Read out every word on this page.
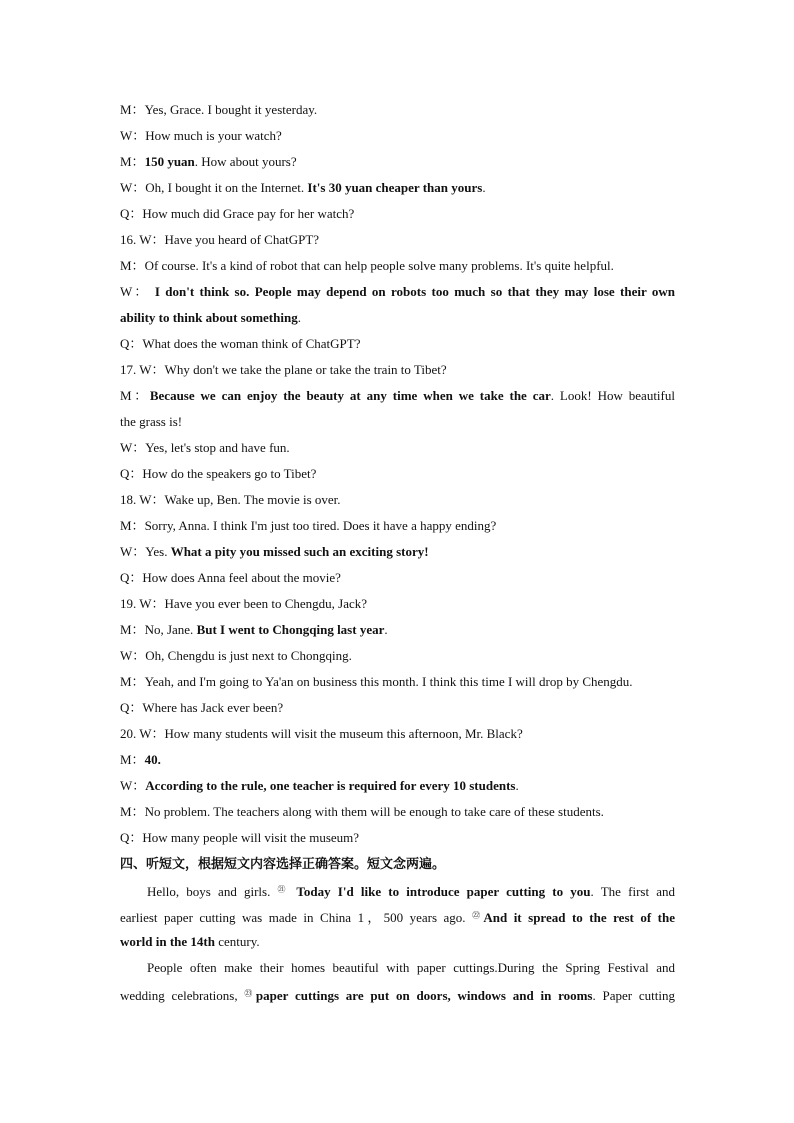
M：Yes, Grace. I bought it yesterday.
W：How much is your watch?
M：150 yuan. How about yours?
W：Oh, I bought it on the Internet. It's 30 yuan cheaper than yours.
Q：How much did Grace pay for her watch?
16. W：Have you heard of ChatGPT?
M：Of course. It's a kind of robot that can help people solve many problems. It's quite helpful.
W： I don't think so. People may depend on robots too much so that they may lose their own
ability to think about something.
Q：What does the woman think of ChatGPT?
17. W：Why don't we take the plane or take the train to Tibet?
M：Because we can enjoy the beauty at any time when we take the car. Look! How beautiful
the grass is!
W：Yes, let's stop and have fun.
Q：How do the speakers go to Tibet?
18. W：Wake up, Ben. The movie is over.
M：Sorry, Anna. I think I'm just too tired. Does it have a happy ending?
W：Yes. What a pity you missed such an exciting story!
Q：How does Anna feel about the movie?
19. W：Have you ever been to Chengdu, Jack?
M：No, Jane. But I went to Chongqing last year.
W：Oh, Chengdu is just next to Chongqing.
M：Yeah, and I'm going to Ya'an on business this month. I think this time I will drop by Chengdu.
Q：Where has Jack ever been?
20. W：How many students will visit the museum this afternoon, Mr. Black?
M：40.
W：According to the rule, one teacher is required for every 10 students.
M：No problem. The teachers along with them will be enough to take care of these students.
Q：How many people will visit the museum?
四、听短文，根据短文内容选择正确答案。短文念两遍。
Hello, boys and girls. $^㉑$ Today I'd like to introduce paper cutting to you. The first and
earliest paper cutting was made in China 1，500 years ago. $^㉒$And it spread to the rest of the
world in the 14th century.
People often make their homes beautiful with paper cuttings.During the Spring Festival and
wedding celebrations, $^㉓$paper cuttings are put on doors, windows and in rooms. Paper cutting
